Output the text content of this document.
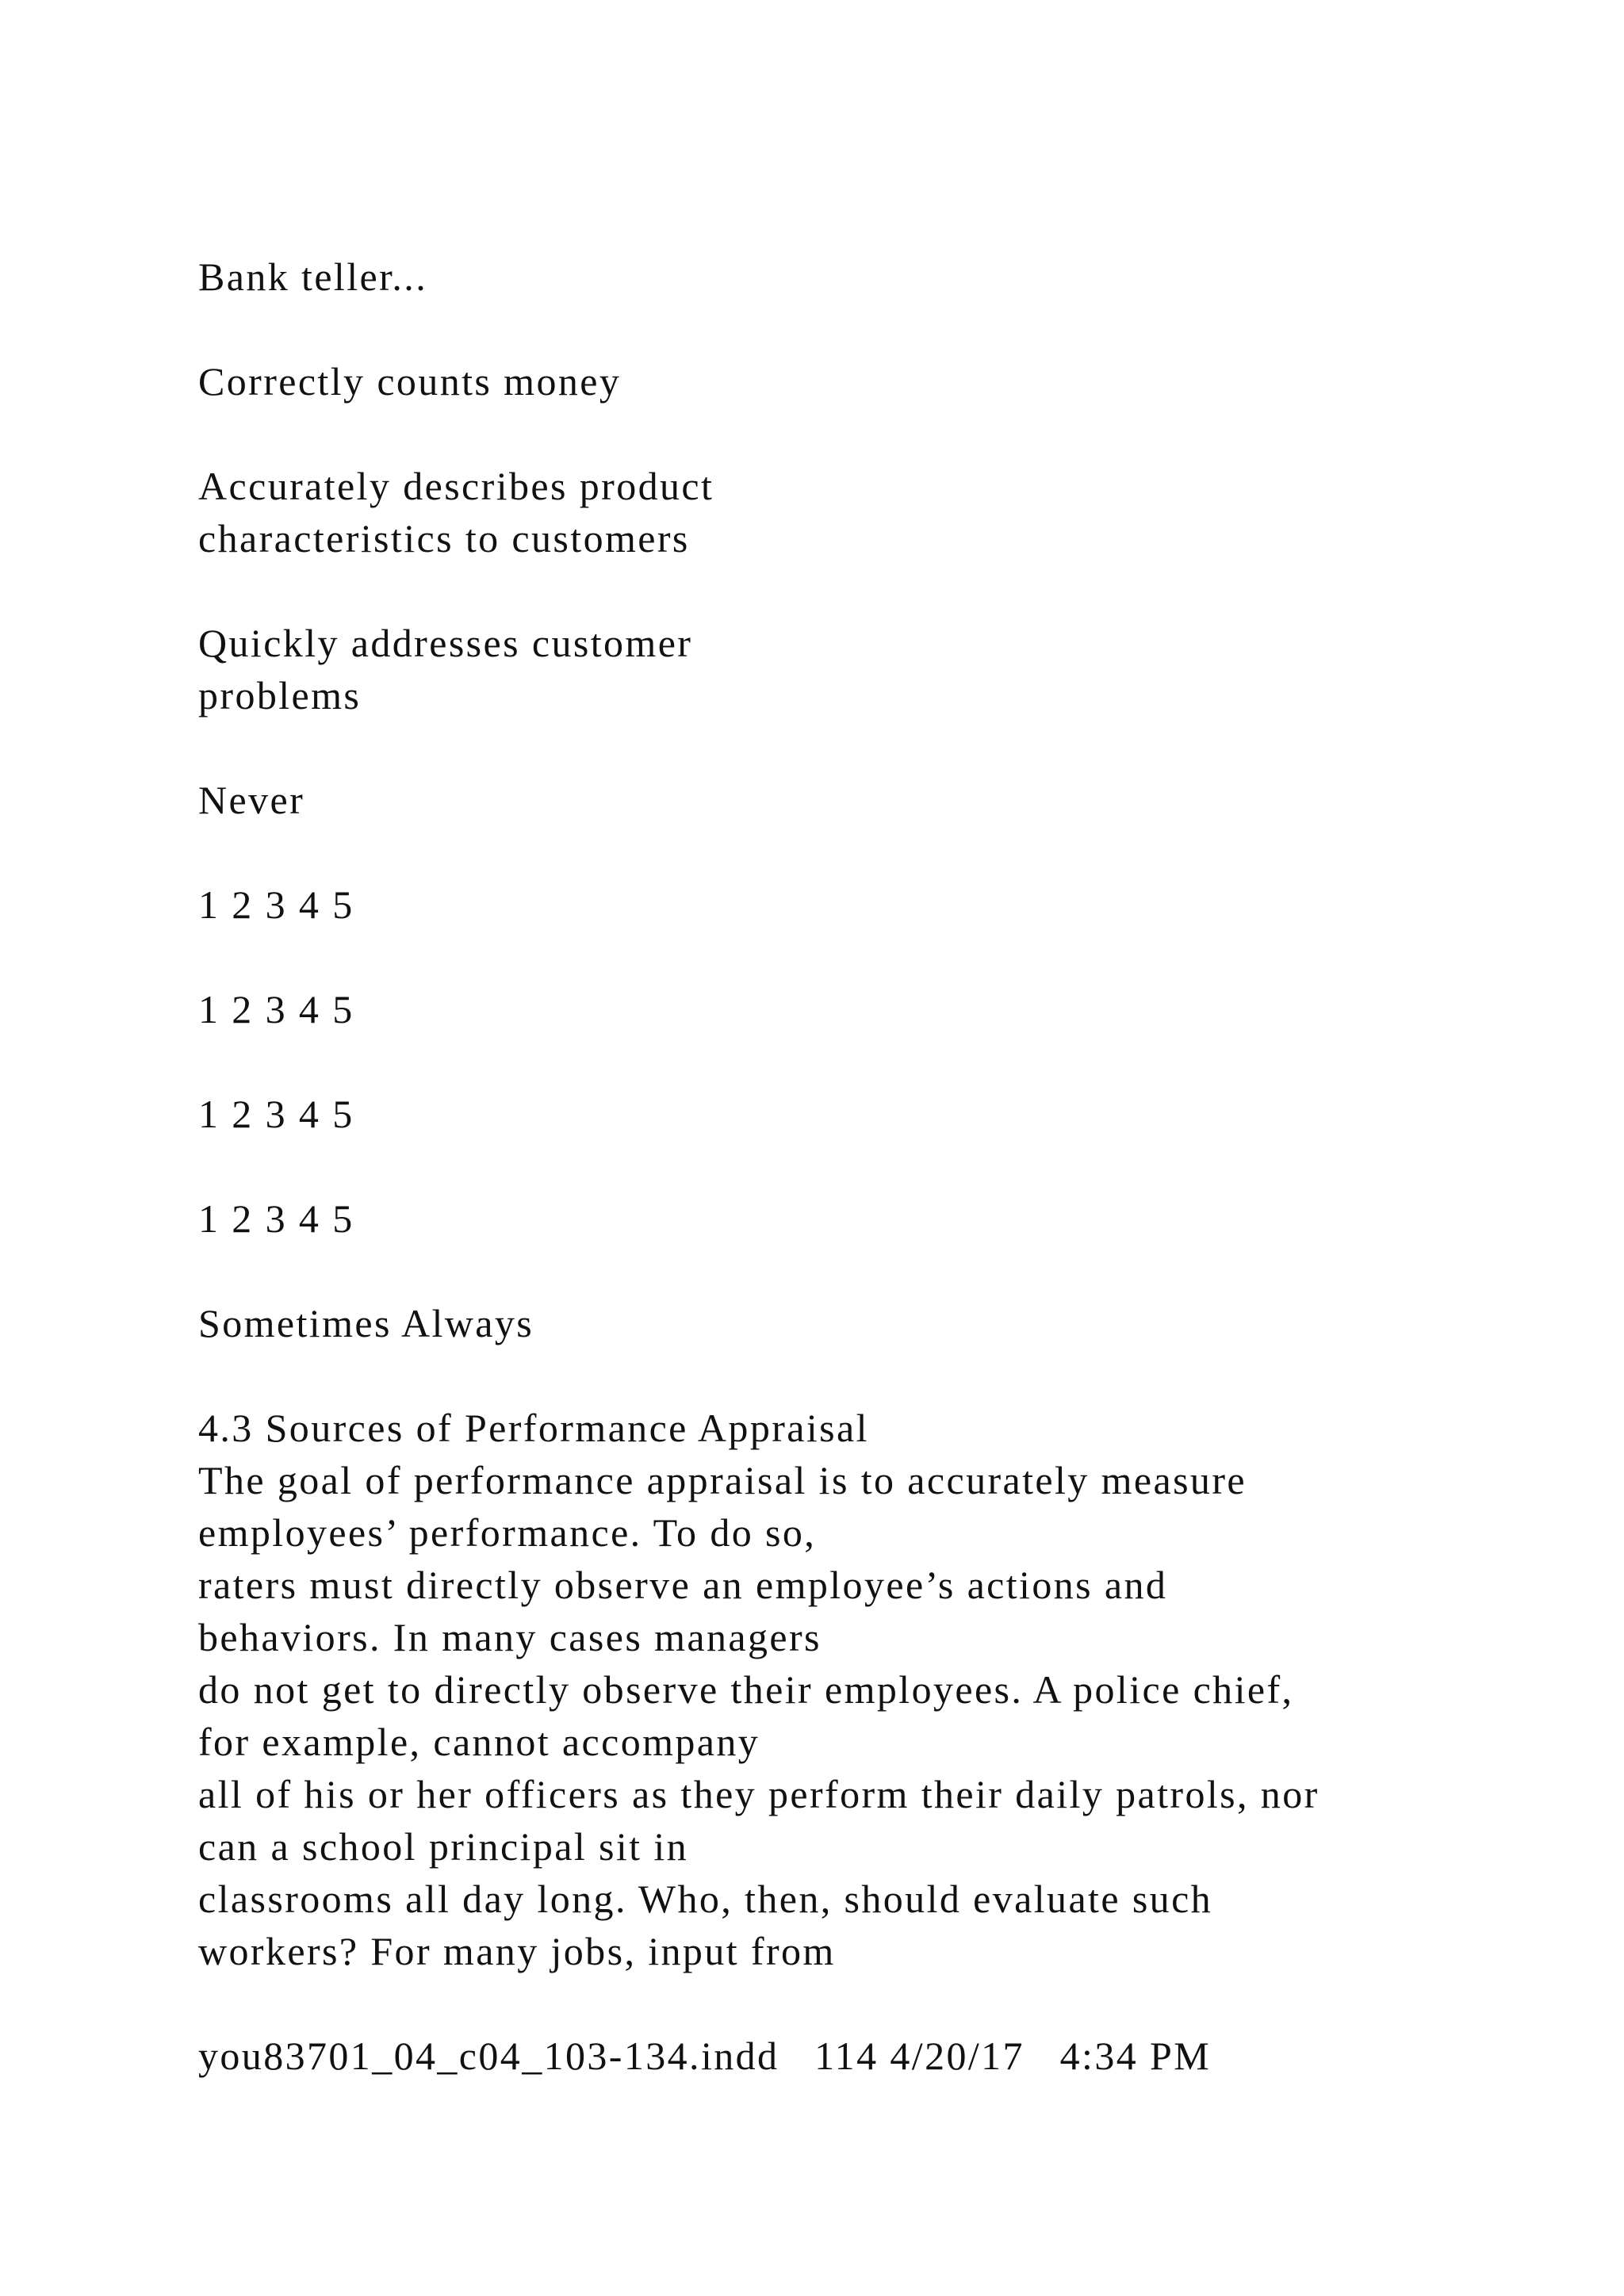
Bank teller...

Correctly counts money

Accurately describes product

characteristics to customers

Quickly addresses customer

problems

Never

1 2 3 4 5

1 2 3 4 5

1 2 3 4 5

1 2 3 4 5

Sometimes Always

4.3 Sources of Performance Appraisal

The goal of performance appraisal is to accurately measure

employees’ performance. To do so,

raters must directly observe an employee’s actions and

behaviors. In many cases managers

do not get to directly observe their employees. A police chief,

for example, cannot accompany

all of his or her officers as they perform their daily patrols, nor

can a school principal sit in

classrooms all day long. Who, then, should evaluate such

workers? For many jobs, input from

you83701_04_c04_103-134.indd   114 4/20/17   4:34 PM
